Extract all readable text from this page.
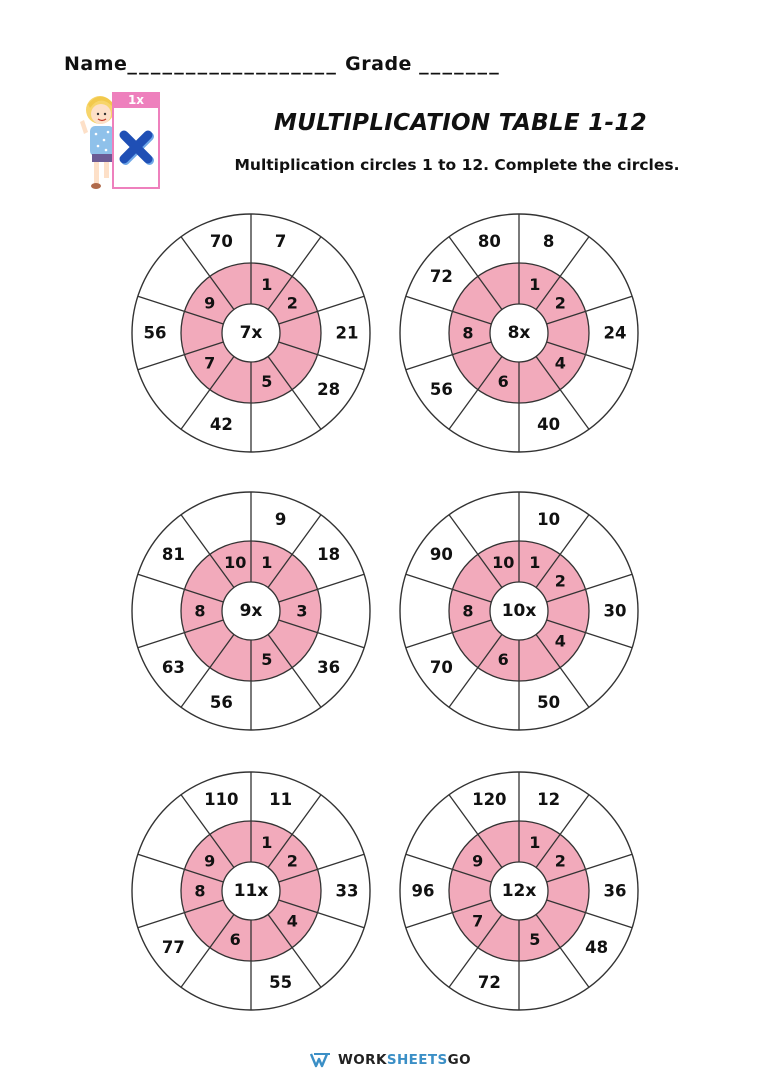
Name__________________ Grade _______
1x
MULTIPLICATION TABLE 1-12
Multiplication circles 1 to 12. Complete the circles.
7x
1
7
2
21
28
5
42
7
56
9
70
8x
1
8
2
24
4
40
6
56
8
72
80
9x
1
9
18
3
36
5
56
63
8
81 10
10x
1
10
2
30
4
50
6
70
8
90 10
11x
1
11
2
33
4
55
6
77
8
9
110
12x
1
12
2
36
48
5
72
7
96
9
120
WORKSHEETSGO
